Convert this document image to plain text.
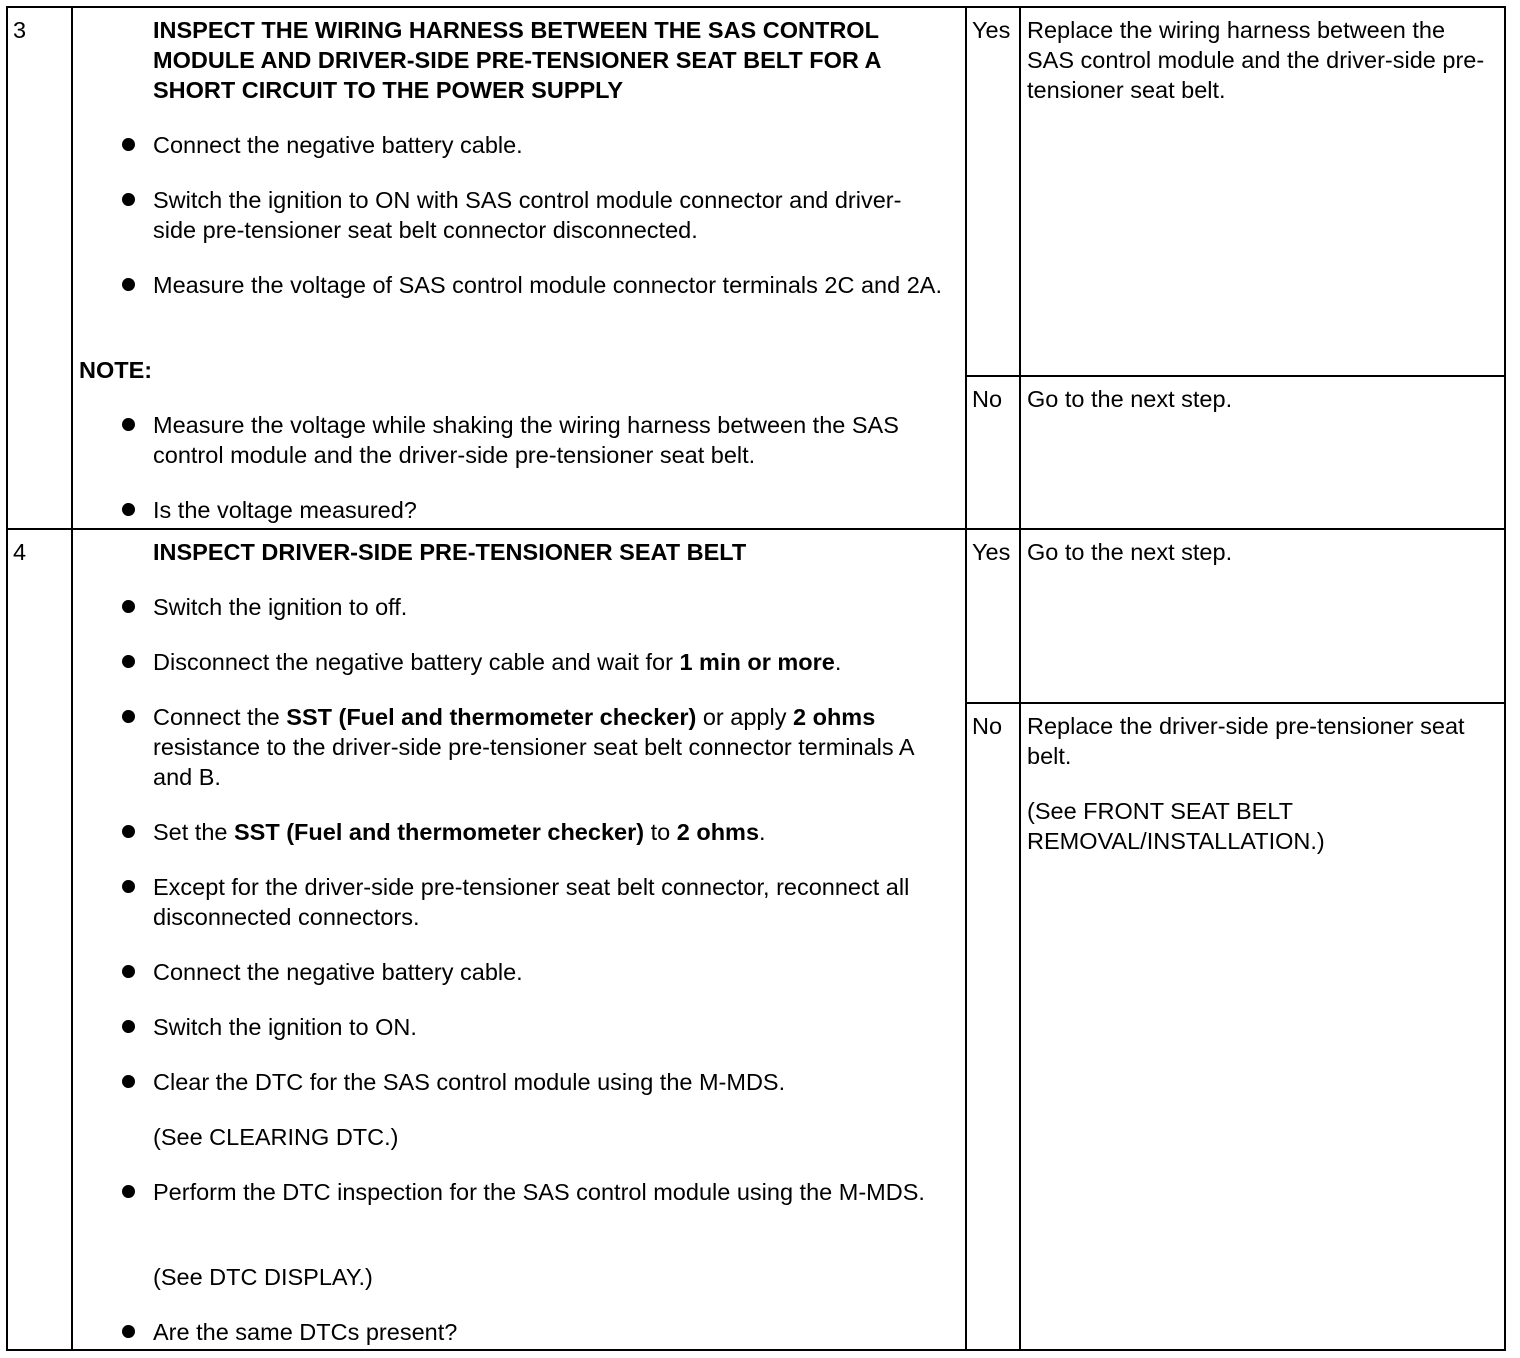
3	INSPECT THE WIRING HARNESS BETWEEN THE SAS CONTROL MODULE AND DRIVER-SIDE PRE-TENSIONER SEAT BELT FOR A SHORT CIRCUIT TO THE POWER SUPPLY
Connect the negative battery cable.
Switch the ignition to ON with SAS control module connector and driver-side pre-tensioner seat belt connector disconnected.
Measure the voltage of SAS control module connector terminals 2C and 2A.
NOTE:
Measure the voltage while shaking the wiring harness between the SAS control module and the driver-side pre-tensioner seat belt.
Is the voltage measured?
Yes Replace the wiring harness between the SAS control module and the driver-side pre-tensioner seat belt.
No Go to the next step.
4	INSPECT DRIVER-SIDE PRE-TENSIONER SEAT BELT
Switch the ignition to off.
Disconnect the negative battery cable and wait for 1 min or more.
Connect the SST (Fuel and thermometer checker) or apply 2 ohms resistance to the driver-side pre-tensioner seat belt connector terminals A and B.
Set the SST (Fuel and thermometer checker) to 2 ohms.
Except for the driver-side pre-tensioner seat belt connector, reconnect all disconnected connectors.
Connect the negative battery cable.
Switch the ignition to ON.
Clear the DTC for the SAS control module using the M-MDS.
(See CLEARING DTC.)
Perform the DTC inspection for the SAS control module using the M-MDS.
(See DTC DISPLAY.)
Are the same DTCs present?
Yes Go to the next step.
No Replace the driver-side pre-tensioner seat belt.
(See FRONT SEAT BELT REMOVAL/INSTALLATION.)
